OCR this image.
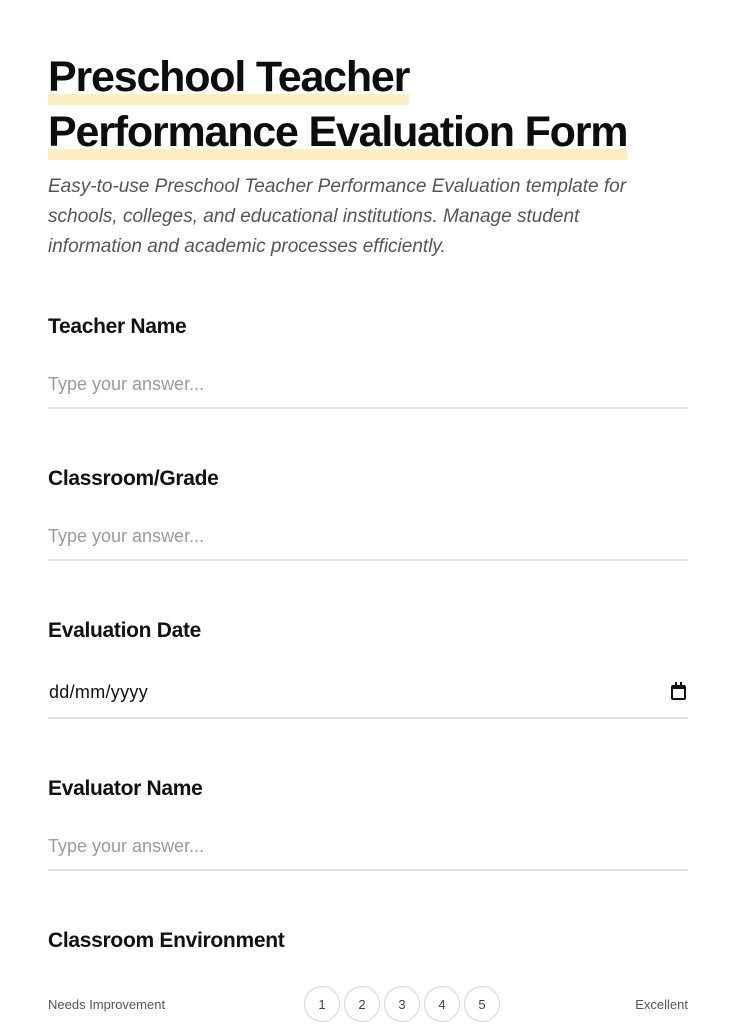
Preschool Teacher
Performance Evaluation Form

Easy-to-use Preschool Teacher Performance Evaluation template for schools, colleges, and educational institutions. Manage student information and academic processes efficiently.

Teacher Name
Type your answer...
Classroom/Grade
Type your answer...
Evaluation Date
dd/mm/yyyy
Evaluator Name
Type your answer...
Classroom Environment
Needs Improvement	1	2	3	4	5	Excellent
